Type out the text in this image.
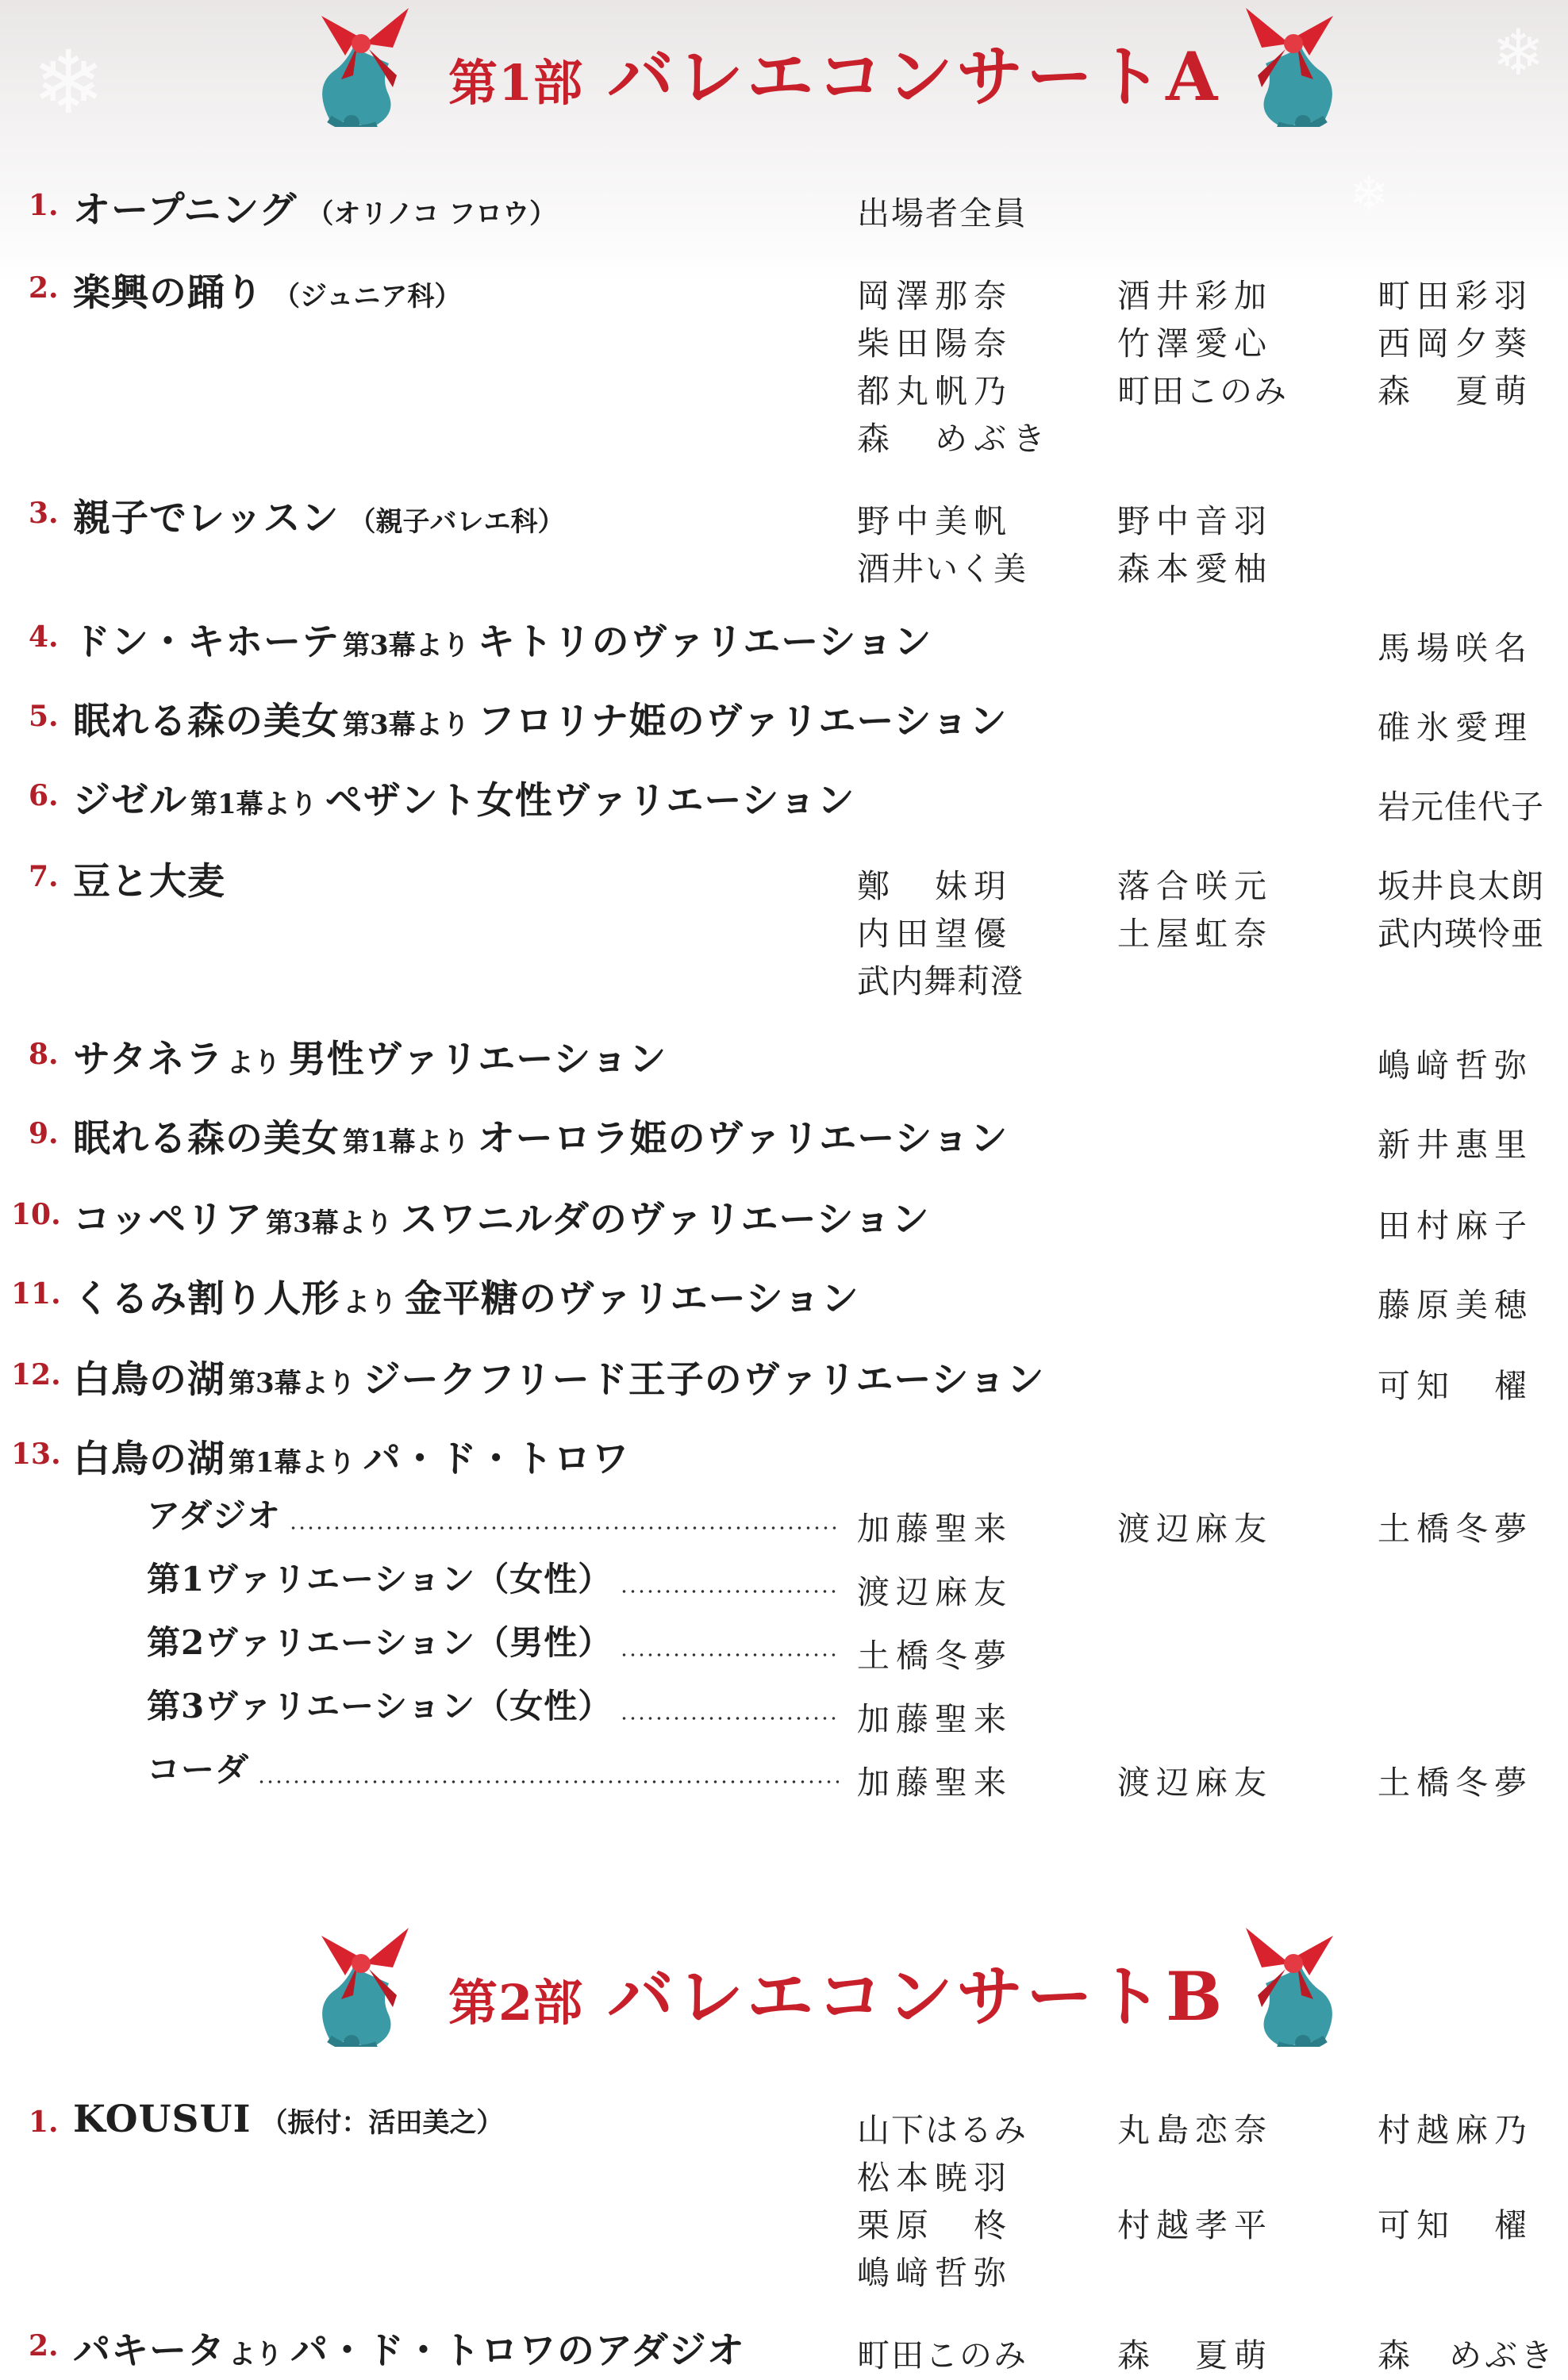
❄	❄
❄
第1部 バレエコンサートA
1. オープニング （オリノコ フロウ）	出場者全員
2. 楽興の踊り （ジュニア科）	岡澤那奈	酒井彩加	町田彩羽
柴田陽奈	竹澤愛心	西岡夕葵
都丸帆乃	町田このみ	森　夏萌
森　めぶき
3. 親子でレッスン （親子バレエ科）	野中美帆	野中音羽
酒井いく美	森本愛柚
4. ドン・キホーテ 第3幕より キトリのヴァリエーション	馬場咲名
5. 眠れる森の美女 第3幕より フロリナ姫のヴァリエーション	碓氷愛理
6. ジゼル 第1幕より ペザント女性ヴァリエーション	岩元佳代子
7. 豆と大麦	鄭　妹玥	落合咲元	坂井良太朗
内田望優	土屋虹奈	武内瑛怜亜
武内舞莉澄
8. サタネラ より 男性ヴァリエーション	嶋﨑哲弥
9. 眠れる森の美女 第1幕より オーロラ姫のヴァリエーション	新井惠里
10. コッペリア 第3幕より スワニルダのヴァリエーション	田村麻子
11. くるみ割り人形 より 金平糖のヴァリエーション	藤原美穂
12. 白鳥の湖 第3幕より ジークフリード王子のヴァリエーション	可知　櫂
13. 白鳥の湖 第1幕より パ・ド・トロワ
アダジオ	加藤聖来	渡辺麻友	土橋冬夢
第1ヴァリエーション（女性）	渡辺麻友
第2ヴァリエーション（男性）	土橋冬夢
第3ヴァリエーション（女性）	加藤聖来
コーダ	加藤聖来	渡辺麻友	土橋冬夢
第2部 バレエコンサートB
1. KOUSUI （振付：活田美之）	山下はるみ	丸島恋奈	村越麻乃
松本暁羽
栗原　柊	村越孝平	可知　櫂
嶋﨑哲弥
2. パキータ より パ・ド・トロワのアダジオ	町田このみ	森　夏萌	森　めぶき
